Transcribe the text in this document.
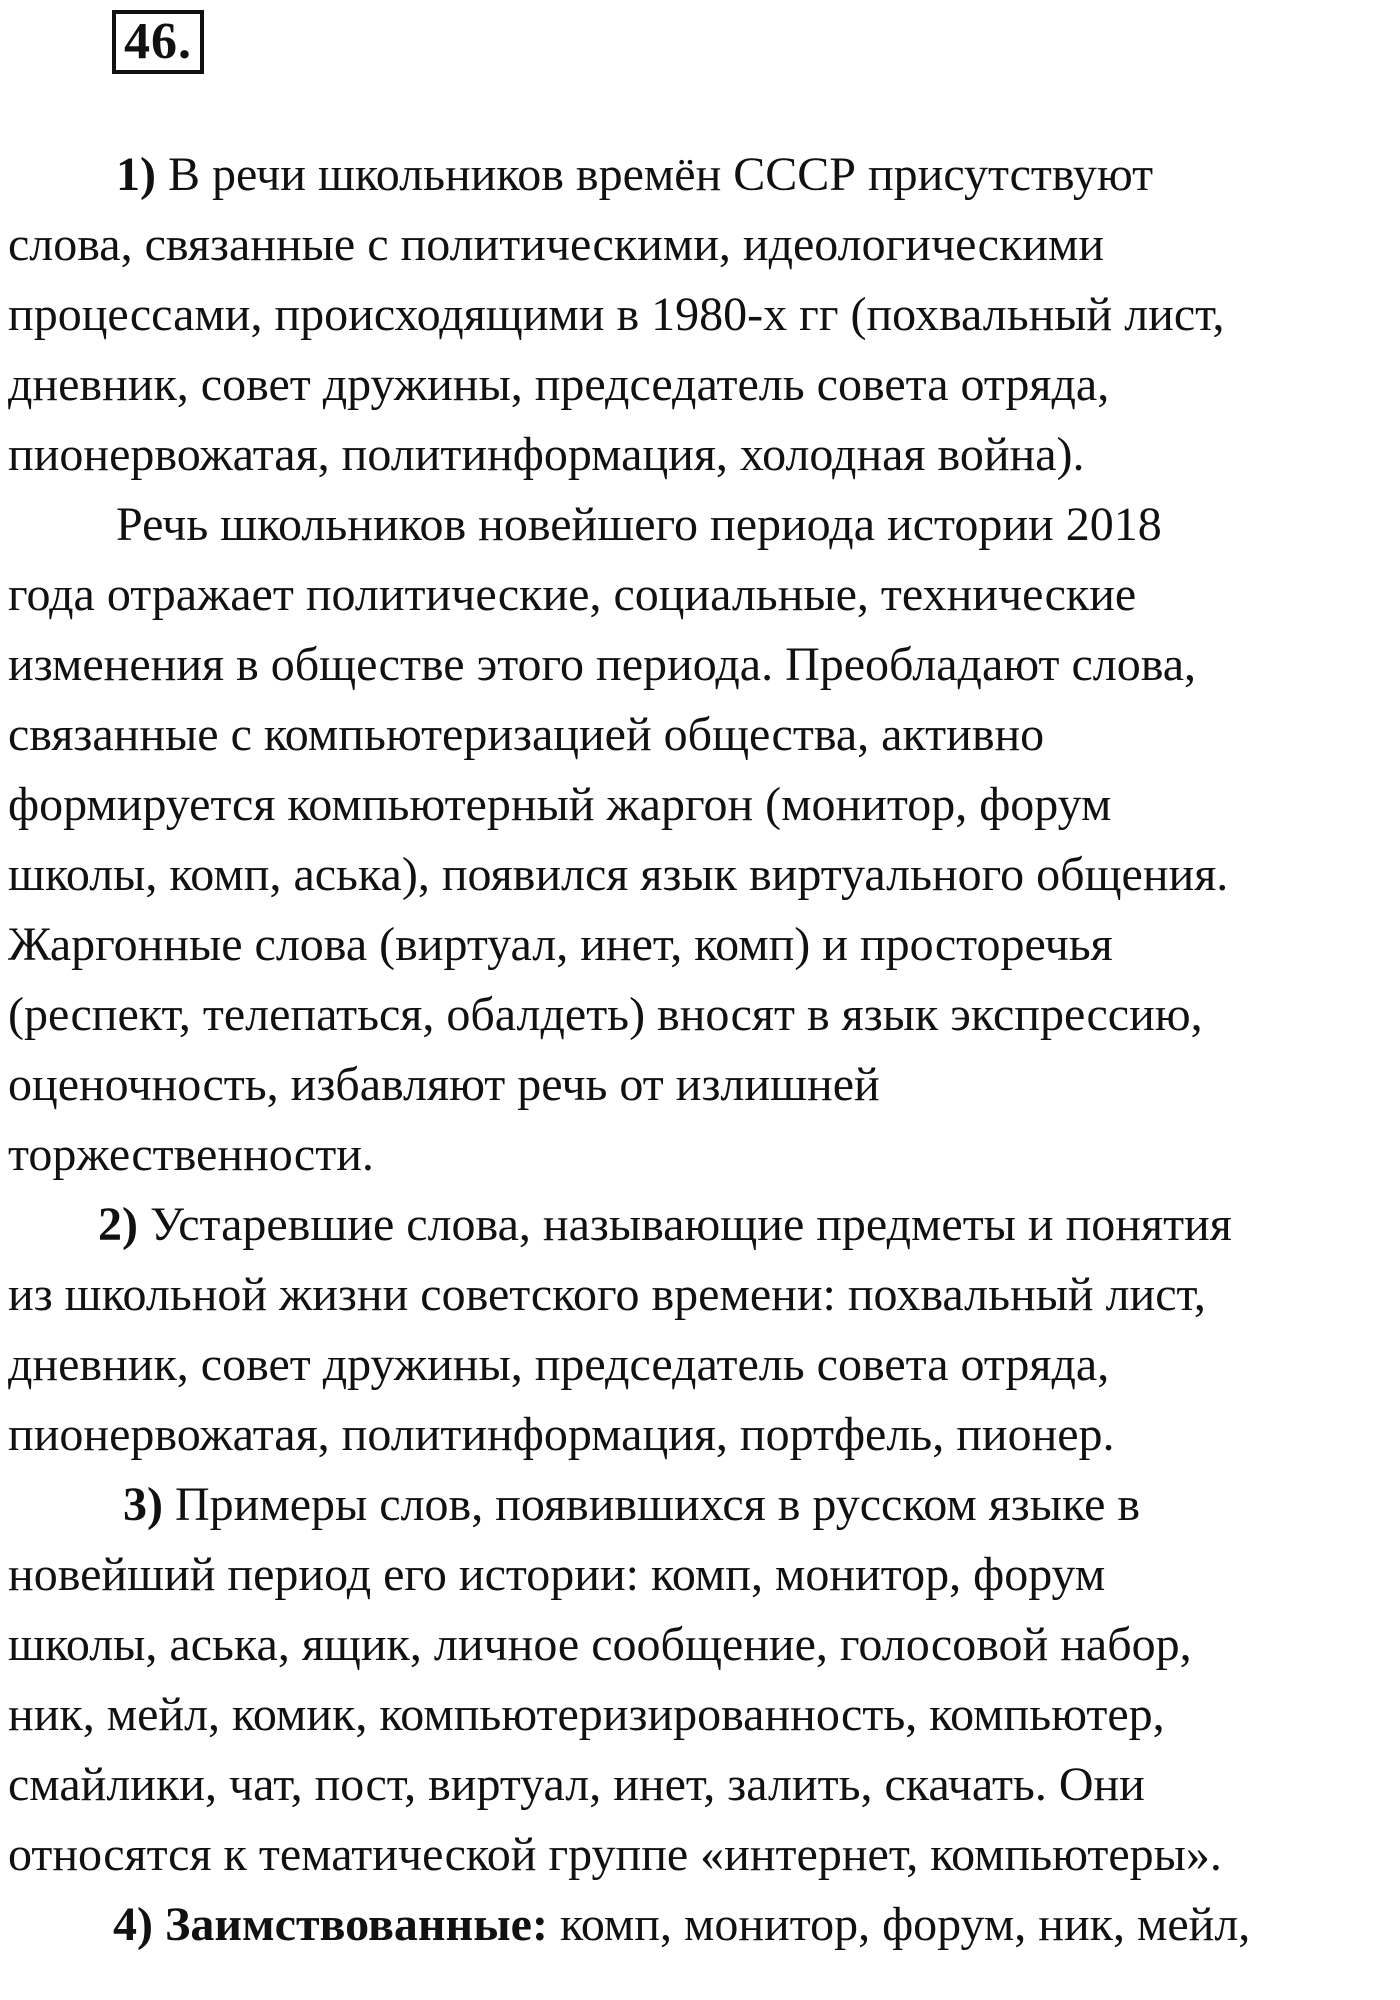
46.

1) В речи школьников времён СССР присутствуют
слова, связанные с политическими, идеологическими
процессами, происходящими в 1980-х гг (похвальный лист,
дневник, совет дружины, председатель совета отряда,
пионервожатая, политинформация, холодная война).

Речь школьников новейшего периода истории 2018
года отражает политические, социальные, технические
изменения в обществе этого периода. Преобладают слова,
связанные с компьютеризацией общества, активно
формируется компьютерный жаргон (монитор, форум
школы, комп, аська), появился язык виртуального общения.
Жаргонные слова (виртуал, инет, комп) и просторечья
(респект, телепаться, обалдеть) вносят в язык экспрессию,
оценочность, избавляют речь от излишней
торжественности.

2) Устаревшие слова, называющие предметы и понятия
из школьной жизни советского времени: похвальный лист,
дневник, совет дружины, председатель совета отряда,
пионервожатая, политинформация, портфель, пионер.

3) Примеры слов, появившихся в русском языке в
новейший период его истории: комп, монитор, форум
школы, аська, ящик, личное сообщение, голосовой набор,
ник, мейл, комик, компьютеризированность, компьютер,
смайлики, чат, пост, виртуал, инет, залить, скачать. Они
относятся к тематической группе «интернет, компьютеры».

4) Заимствованные: комп, монитор, форум, ник, мейл,
